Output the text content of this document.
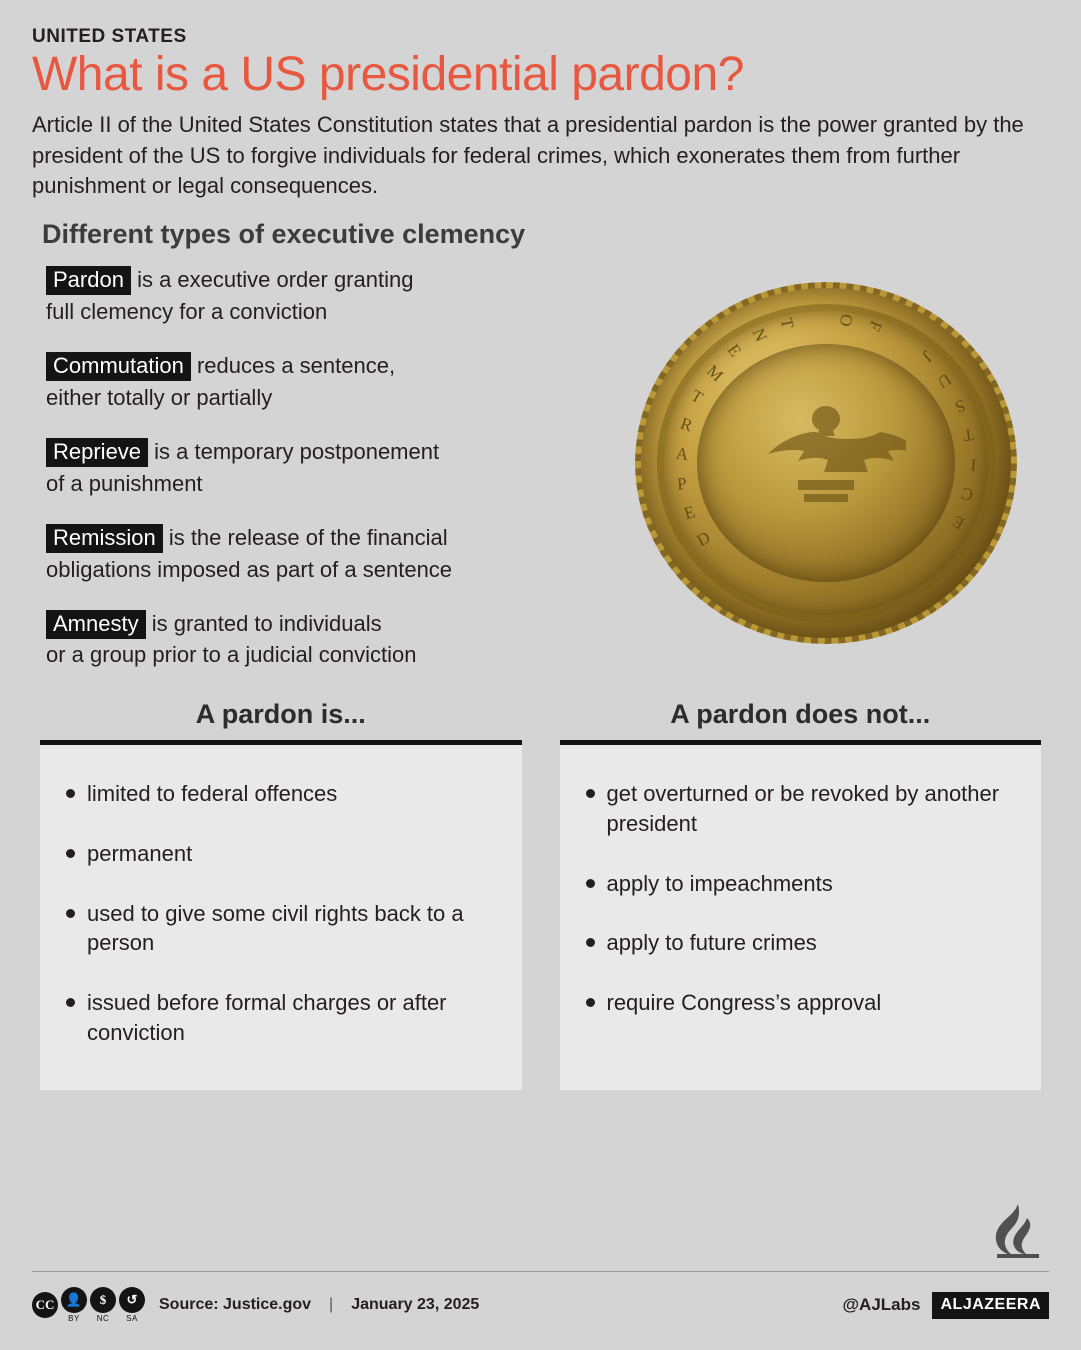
UNITED STATES
What is a US presidential pardon?

Article II of the United States Constitution states that a presidential pardon is the power granted by the president of the US to forgive individuals for federal crimes, which exonerates them from further punishment or legal consequences.

Different types of executive clemency
Pardon is a executive order granting
full clemency for a conviction
Commutation reduces a sentence,
either totally or partially
Reprieve is a temporary postponement
of a punishment
Remission is the release of the financial
obligations imposed as part of a sentence
Amnesty is granted to individuals
or a group prior to a judicial conviction
D
E
P
A
R
T
M
E
N
T O F
J
U
S
T
I
C
E
A pardon is...
limited to federal offences
permanent
used to give some civil rights back to a person
issued before formal charges or after conviction
A pardon does not...
get overturned or be revoked by another president
apply to impeachments
apply to future crimes
require Congress’s approval
CC 👤
BY
$
NC
↺
SA
Source: Justice.gov | January 23, 2025	@AJLabs	ALJAZEERA
